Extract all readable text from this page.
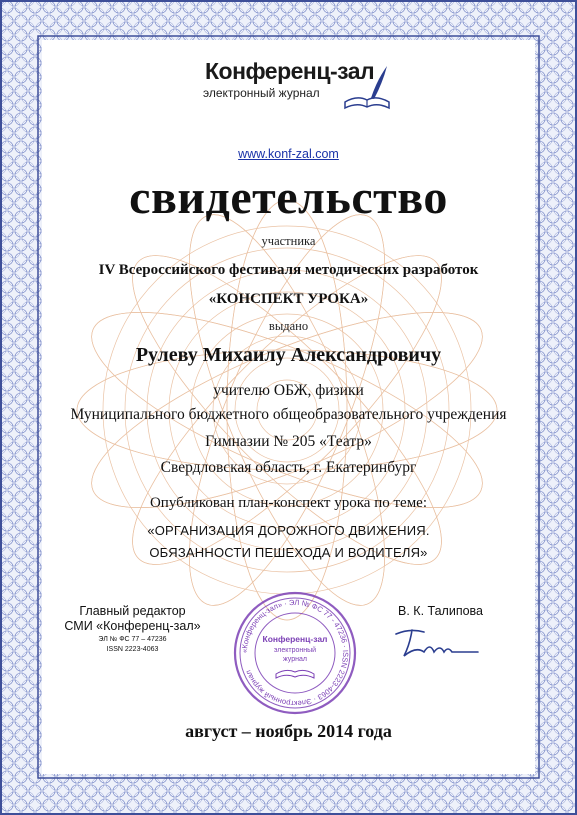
Конференц-зал
электронный журнал
www.konf-zal.com
свидетельство
участника
IV Всероссийского фестиваля методических разработок
«КОНСПЕКТ УРОКА»
выдано
Рулеву Михаилу Александровичу
учителю ОБЖ, физики
Муниципального бюджетного общеобразовательного учреждения
Гимназии № 205 «Театр»
Свердловская область, г. Екатеринбург
Опубликован план-конспект урока по теме:
«ОРГАНИЗАЦИЯ ДОРОЖНОГО ДВИЖЕНИЯ.
ОБЯЗАННОСТИ ПЕШЕХОДА И ВОДИТЕЛЯ»
Главный редактор
СМИ «Конференц-зал»
ЭЛ № ФС 77 – 47236
ISSN 2223-4063	«Конференц-зал» · ЭЛ № ФС 77 - 47236 · ISSN 2223-4063 · Электронный журнал
Конференц-зал
электронный
журнал
В. К. Талипова
август – ноябрь 2014 года
